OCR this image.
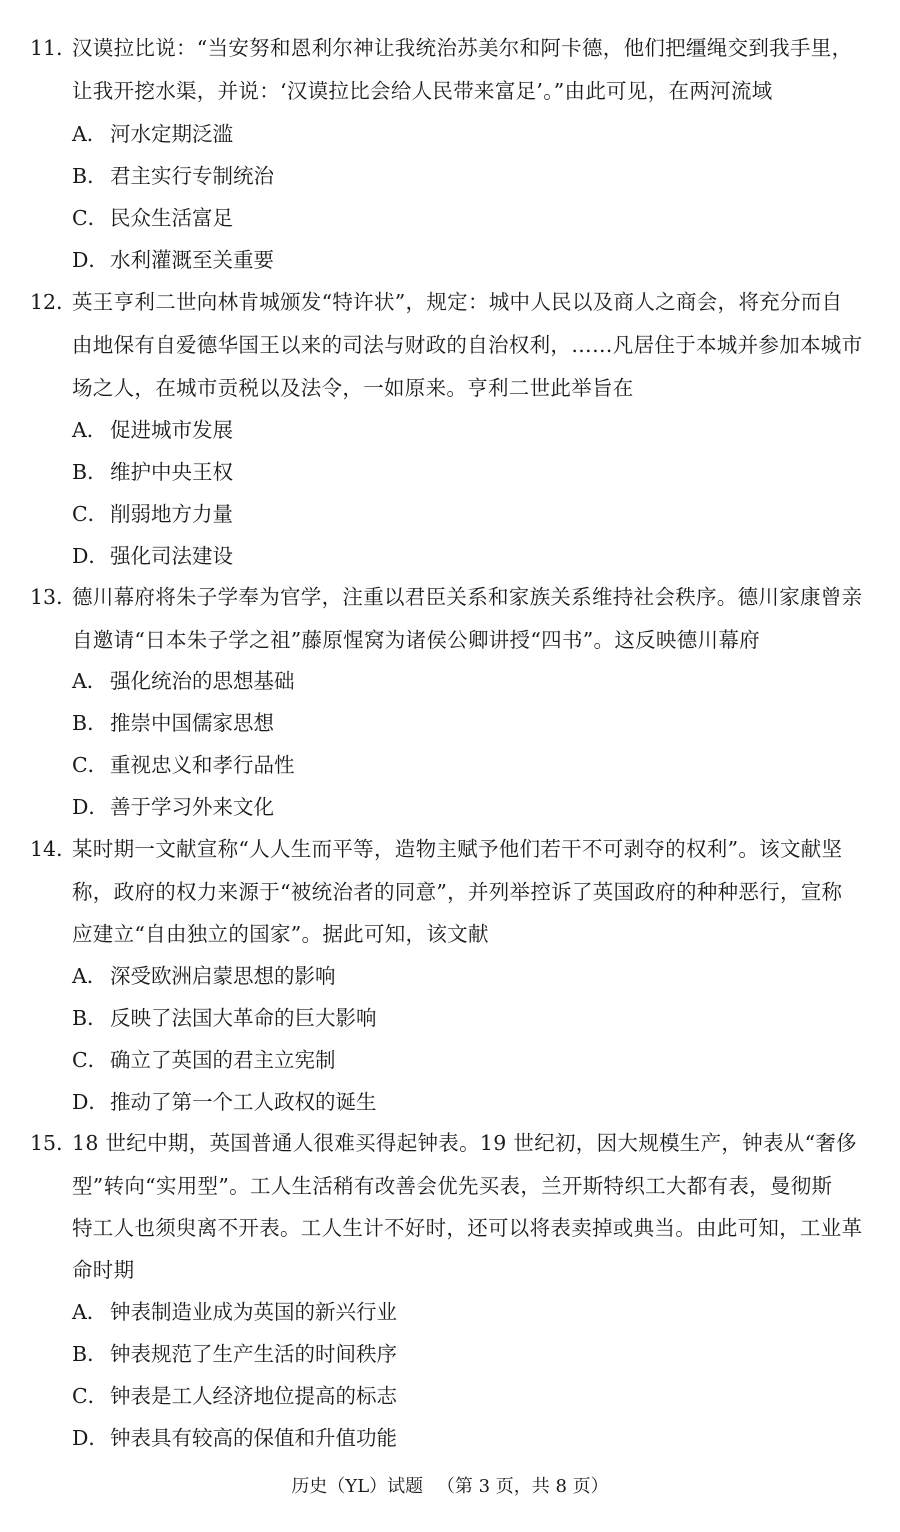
11．
汉谟拉比说：“当安努和恩利尔神让我统治苏美尔和阿卡德，他们把缰绳交到我手里，
让我开挖水渠，并说：‘汉谟拉比会给人民带来富足’。”由此可见，在两河流域
A． 河水定期泛滥
B． 君主实行专制统治
C．民众生活富足
D．水利灌溉至关重要
12．
英王亨利二世向林肯城颁发“特许状”，规定：城中人民以及商人之商会，将充分而自
由地保有自爱德华国王以来的司法与财政的自治权利，……凡居住于本城并参加本城市
场之人，在城市贡税以及法令，一如原来。亨利二世此举旨在
A． 促进城市发展
B． 维护中央王权
C．削弱地方力量
D．强化司法建设
13．
德川幕府将朱子学奉为官学，注重以君臣关系和家族关系维持社会秩序。德川家康曾亲
自邀请“日本朱子学之祖”藤原惺窝为诸侯公卿讲授“四书”。这反映德川幕府
A． 强化统治的思想基础
B． 推崇中国儒家思想
C．重视忠义和孝行品性
D．善于学习外来文化
14．
某时期一文献宣称“人人生而平等，造物主赋予他们若干不可剥夺的权利”。该文献坚
称，政府的权力来源于“被统治者的同意”，并列举控诉了英国政府的种种恶行，宣称
应建立“自由独立的国家”。据此可知，该文献
A． 深受欧洲启蒙思想的影响
B． 反映了法国大革命的巨大影响
C．确立了英国的君主立宪制
D．推动了第一个工人政权的诞生
15．
18 世纪中期，英国普通人很难买得起钟表。19 世纪初，因大规模生产，钟表从“奢侈
型”转向“实用型”。工人生活稍有改善会优先买表，兰开斯特织工大都有表，曼彻斯
特工人也须臾离不开表。工人生计不好时，还可以将表卖掉或典当。由此可知，工业革
命时期
A． 钟表制造业成为英国的新兴行业
B． 钟表规范了生产生活的时间秩序
C．钟表是工人经济地位提高的标志
D．钟表具有较高的保值和升值功能
历史（YL）试题 （第 3 页，共 8 页）
